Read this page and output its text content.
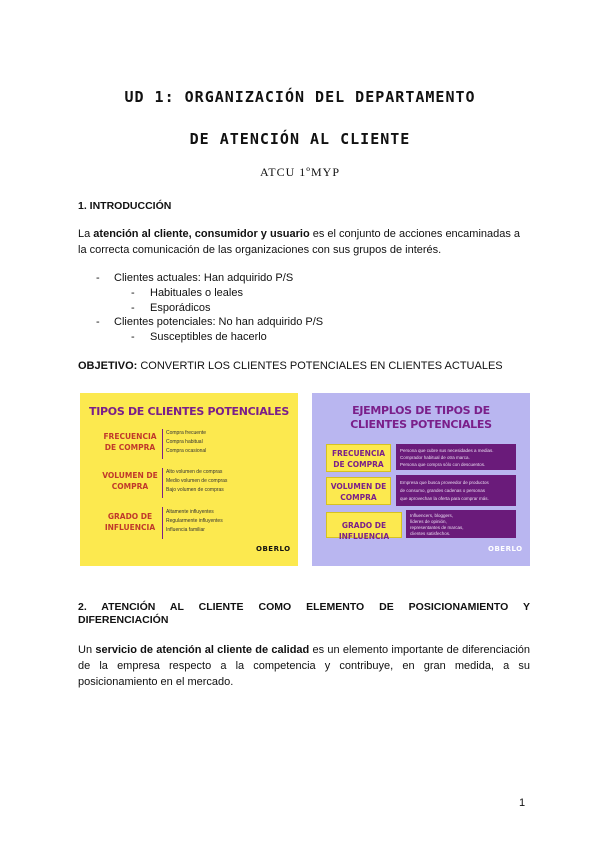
UD 1: ORGANIZACIÓN DEL DEPARTAMENTO
DE ATENCIÓN AL CLIENTE
ATCU 1ºMYP
1. INTRODUCCIÓN
La atención al cliente, consumidor y usuario es el conjunto de acciones encaminadas a la correcta comunicación de las organizaciones con sus grupos de interés.
- Clientes actuales: Han adquirido P/S
- Habituales o leales
- Esporádicos
- Clientes potenciales: No han adquirido P/S
- Susceptibles de hacerlo
OBJETIVO: CONVERTIR LOS CLIENTES POTENCIALES EN CLIENTES ACTUALES
TIPOS DE CLIENTES POTENCIALES
FRECUENCIA DE COMPRA
Compra frecuente
Compra habitual
Compra ocasional
VOLUMEN DE COMPRA
Alto volumen de compras
Medio volumen de compras
Bajo volumen de compras
GRADO DE INFLUENCIA
Altamente influyentes
Regularmente influyentes
Influencia familiar
OBERLO
EJEMPLOS DE TIPOS DE CLIENTES POTENCIALES
FRECUENCIA DE COMPRA
Persona que cubre sus necesidades a medias.
Comprador habitual de otra marca.
Persona que compra sólo con descuentos.
VOLUMEN DE COMPRA
Empresa que busca proveedor de productos
de consumo, grandes cadenas o personas
que aprovechan la oferta para comprar más.
GRADO DE INFLUENCIA
Influencers, bloggers,
líderes de opinión,
representantes de marcas,
clientes satisfechos.
OBERLO
2. ATENCIÓN AL CLIENTE COMO ELEMENTO DE POSICIONAMIENTO Y
DIFERENCIACIÓN
Un servicio de atención al cliente de calidad es un elemento importante de diferenciación de la empresa respecto a la competencia y contribuye, en gran medida, a su posicionamiento en el mercado.
1
